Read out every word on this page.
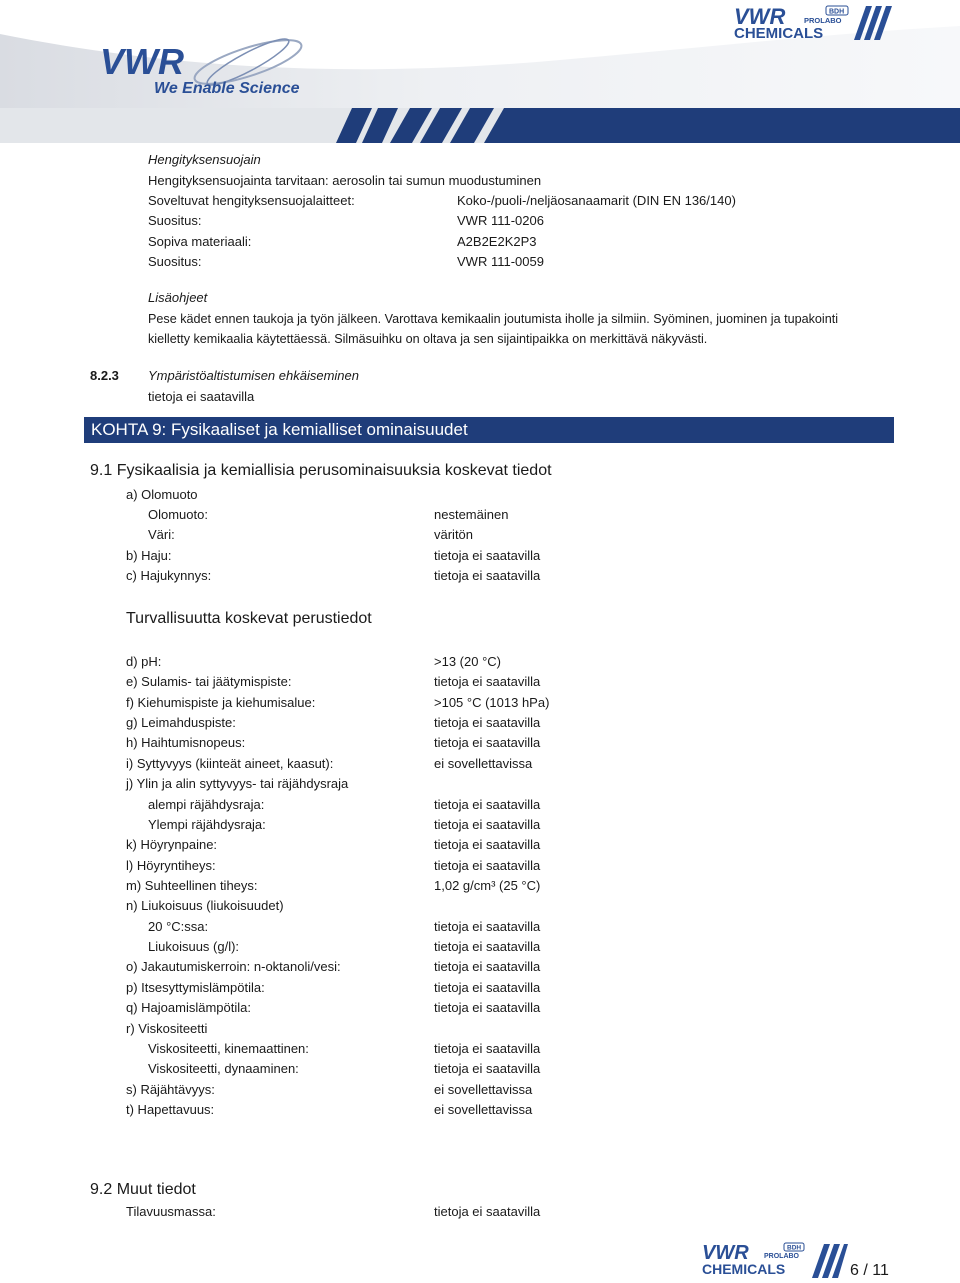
VWR
We Enable Science
VWR	BDH
PROLABO
CHEMICALS
Hengityksensuojain
Hengityksensuojainta tarvitaan: aerosolin tai sumun muodustuminen
Soveltuvat hengityksensuojalaitteet:	Koko-/puoli-/neljäosanaamarit (DIN EN 136/140)
Suositus:	VWR 111-0206
Sopiva materiaali:	A2B2E2K2P3
Suositus:	VWR 111-0059
Lisäohjeet
Pese kädet ennen taukoja ja työn jälkeen. Varottava kemikaalin joutumista iholle ja silmiin. Syöminen, juominen ja tupakointi
kielletty kemikaalia käytettäessä. Silmäsuihku on oltava ja sen sijaintipaikka on merkittävä näkyvästi.
8.2.3 Ympäristöaltistumisen ehkäiseminen
tietoja ei saatavilla
KOHTA 9: Fysikaaliset ja kemialliset ominaisuudet
9.1 Fysikaalisia ja kemiallisia perusominaisuuksia koskevat tiedot
a) Olomuoto
Olomuoto:	nestemäinen
Väri:	väritön
b) Haju:	tietoja ei saatavilla
c) Hajukynnys:	tietoja ei saatavilla
Turvallisuutta koskevat perustiedot
d) pH:	>13 (20 °C)
e) Sulamis- tai jäätymispiste:	tietoja ei saatavilla
f) Kiehumispiste ja kiehumisalue:	>105 °C (1013 hPa)
g) Leimahduspiste:	tietoja ei saatavilla
h) Haihtumisnopeus:	tietoja ei saatavilla
i) Syttyvyys (kiinteät aineet, kaasut):	ei sovellettavissa
j) Ylin ja alin syttyvyys- tai räjähdysraja
alempi räjähdysraja:	tietoja ei saatavilla
Ylempi räjähdysraja:	tietoja ei saatavilla
k) Höyrynpaine:	tietoja ei saatavilla
l) Höyryntiheys:	tietoja ei saatavilla
m) Suhteellinen tiheys:	1,02 g/cm³ (25 °C)
n) Liukoisuus (liukoisuudet)
20 °C:ssa:	tietoja ei saatavilla
Liukoisuus (g/l):	tietoja ei saatavilla
o) Jakautumiskerroin: n-oktanoli/vesi:	tietoja ei saatavilla
p) Itsesyttymislämpötila:	tietoja ei saatavilla
q) Hajoamislämpötila:	tietoja ei saatavilla
r) Viskositeetti
Viskositeetti, kinemaattinen:	tietoja ei saatavilla
Viskositeetti, dynaaminen:	tietoja ei saatavilla
s) Räjähtävyys:	ei sovellettavissa
t) Hapettavuus:	ei sovellettavissa
9.2 Muut tiedot
Tilavuusmassa:	tietoja ei saatavilla
VWR	BDH
PROLABO
CHEMICALS	6 / 11
